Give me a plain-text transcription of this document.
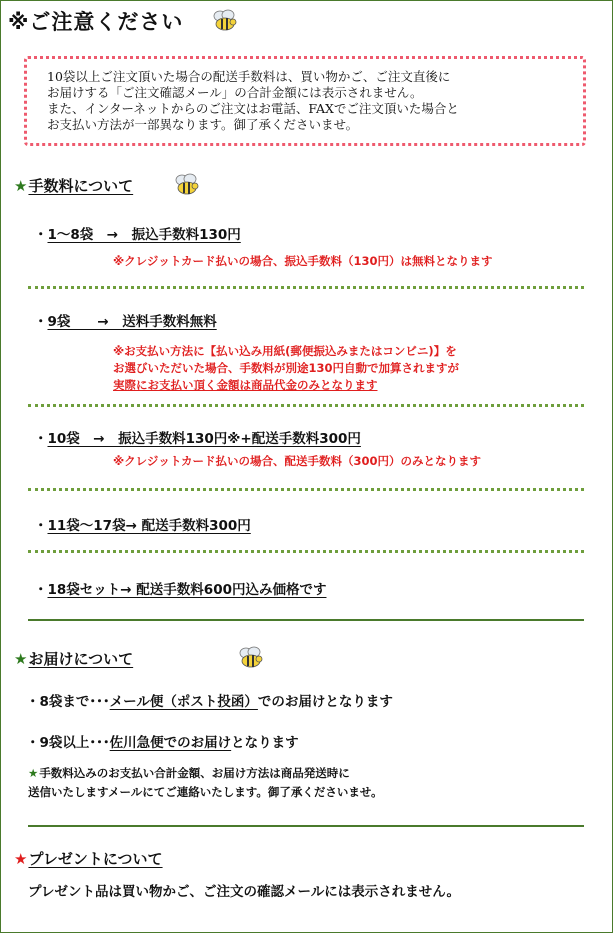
※ご注意ください

10袋以上ご注文頂いた場合の配送手数料は、買い物かご、ご注文直後に

お届けする「ご注文確認メール」の合計金額には表示されません。

また、インターネットからのご注文はお電話、FAXでご注文頂いた場合と

お支払い方法が一部異なります。御了承くださいませ。

★手数料について
・1〜8袋　→　振込手数料130円
※クレジットカード払いの場合、振込手数料（130円）は無料となります
・9袋　　→　送料手数料無料
※お支払い方法に【払い込み用紙(郵便振込みまたはコンビニ)】を
お選びいただいた場合、手数料が別途130円自動で加算されますが
実際にお支払い頂く金額は商品代金のみとなります
・10袋　→　振込手数料130円※+配送手数料300円
※クレジットカード払いの場合、配送手数料（300円）のみとなります
・11袋〜17袋→ 配送手数料300円
・18袋セット→ 配送手数料600円込み価格です
★お届けについて
・8袋まで･･･メール便（ポスト投函）でのお届けとなります
・9袋以上･･･佐川急便でのお届けとなります
★手数料込みのお支払い合計金額、お届け方法は商品発送時に
送信いたしますメールにてご連絡いたします。御了承くださいませ。
★プレゼントについて
プレゼント品は買い物かご、ご注文の確認メールには表示されません。
